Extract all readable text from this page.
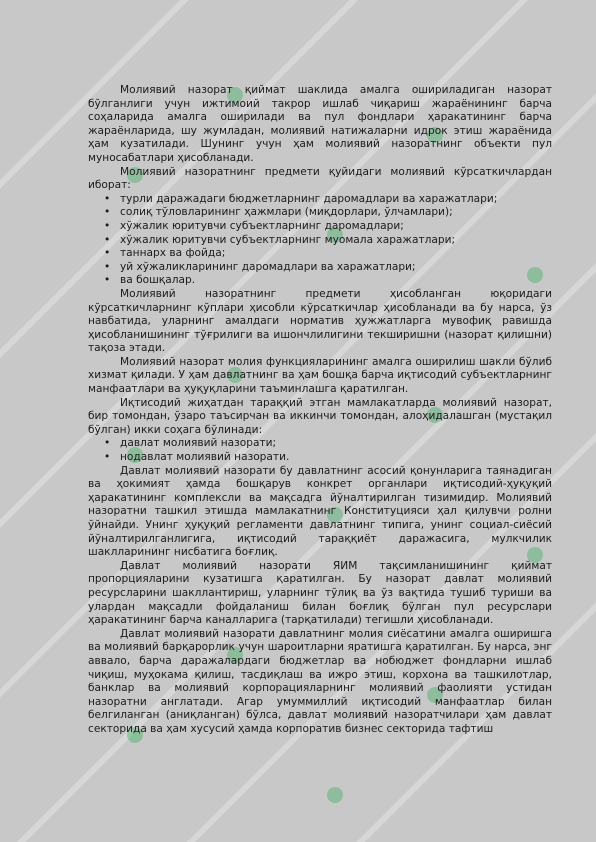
Молиявий назорат қиймат шаклида амалга ошириладиган назорат бўлганлиги учун ижтимоий такрор ишлаб чиқариш жараёнининг барча соҳаларида амалга оширилади ва пул фондлари ҳаракатининг барча жараёнларида, шу жумладан, молиявий натижаларни идрок этиш жараёнида ҳам кузатилади. Шунинг учун ҳам молиявий назоратнинг объекти пул муносабатлари ҳисобланади.

Молиявий назоратнинг предмети қуйидаги молиявий кўрсаткичлардан иборат:

• турли даражадаги бюджетларнинг даромадлари ва харажатлари;
• солиқ тўловларининг ҳажмлари (миқдорлари, ўлчамлари);
• хўжалик юритувчи субъектларнинг даромадлари;
• хўжалик юритувчи субъектларнинг муомала харажатлари;
• таннарх ва фойда;
• уй хўжаликларининг даромадлари ва харажатлари;
• ва бошқалар.

Молиявий назоратнинг предмети ҳисобланган юқоридаги кўрсаткичларнинг кўплари ҳисобли кўрсаткичлар ҳисобланади ва бу нарса, ўз навбатида, уларнинг амалдаги норматив ҳужжатларга мувофиқ равишда ҳисобланишининг тўғрилиги ва ишончлилигини текширишни (назорат қилишни) тақоза этади.

Молиявий назорат молия функцияларининг амалга оширилиш шакли бўлиб хизмат қилади. У ҳам давлатнинг ва ҳам бошқа барча иқтисодий субъектларнинг манфаатлари ва ҳуқуқларини таъминлашга қаратилган.

Иқтисодий жиҳатдан тараққий этган мамлакатларда молиявий назорат, бир томондан, ўзаро таъсирчан ва иккинчи томондан, алоҳидалашган (мустақил бўлган) икки соҳага бўлинади:

• давлат молиявий назорати;
• нодавлат молиявий назорати.

Давлат молиявий назорати бу давлатнинг асосий қонунларига таянадиган ва ҳокимият ҳамда бошқарув конкрет органлари иқтисодий-ҳуқуқий ҳаракатининг комплексли ва мақсадга йўналтирилган тизимидир. Молиявий назоратни ташкил этишда мамлакатнинг Конституцияси ҳал қилувчи ролни ўйнайди. Унинг ҳуқуқий регламенти давлатнинг типига, унинг социал-сиёсий йўналтирилганлигига, иқтисодий тараққиёт даражасига, мулкчилик шаклларининг нисбатига боғлиқ.

Давлат молиявий назорати ЯИМ тақсимланишининг қиймат пропорцияларини кузатишга қаратилган. Бу назорат давлат молиявий ресурсларини шакллантириш, уларнинг тўлиқ ва ўз вақтида тушиб туриши ва улардан мақсадли фойдаланиш билан боғлиқ бўлган пул ресурслари ҳаракатининг барча каналларига (тарқатилади) тегишли ҳисобланади.

Давлат молиявий назорати давлатнинг молия сиёсатини амалга оширишга ва молиявий барқарорлик учун шароитларни яратишга қаратилган. Бу нарса, энг аввало, барча даражалардаги бюджетлар ва нобюджет фондларни ишлаб чиқиш, муҳокама қилиш, тасдиқлаш ва ижро этиш, корхона ва ташкилотлар, банклар ва молиявий корпорацияларнинг молиявий фаолияти устидан назоратни англатади. Агар умуммиллий иқтисодий манфаатлар билан белгиланган (аниқланган) бўлса, давлат молиявий назоратчилари ҳам давлат секторида ва ҳам хусусий ҳамда корпоратив бизнес секторида тафтиш
